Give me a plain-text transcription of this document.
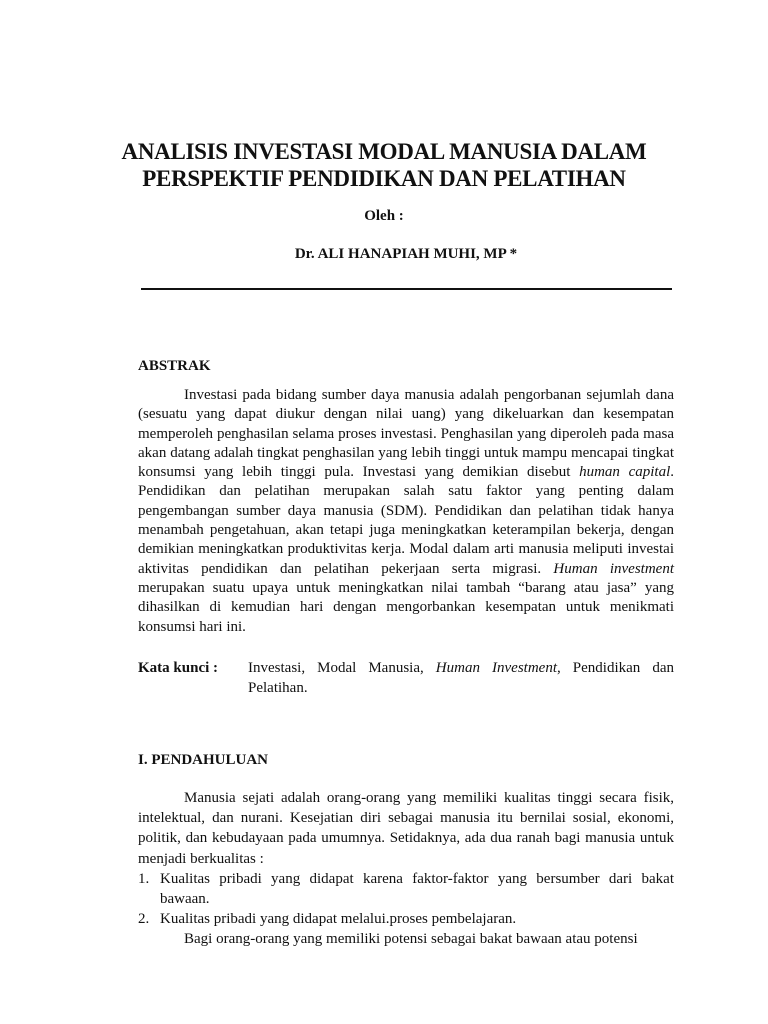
ANALISIS INVESTASI MODAL MANUSIA DALAM
PERSPEKTIF PENDIDIKAN DAN PELATIHAN
Oleh :
Dr. ALI HANAPIAH MUHI, MP *
ABSTRAK
Investasi pada bidang sumber daya manusia adalah pengorbanan sejumlah dana (sesuatu yang dapat diukur dengan nilai uang) yang dikeluarkan dan kesempatan memperoleh penghasilan selama proses investasi. Penghasilan yang diperoleh pada masa akan datang adalah tingkat penghasilan yang lebih tinggi untuk mampu mencapai tingkat konsumsi yang lebih tinggi pula. Investasi yang demikian disebut human capital. Pendidikan dan pelatihan merupakan salah satu faktor yang penting dalam pengembangan sumber daya manusia (SDM). Pendidikan dan pelatihan tidak hanya menambah pengetahuan, akan tetapi juga meningkatkan keterampilan bekerja, dengan demikian meningkatkan produktivitas kerja. Modal dalam arti manusia meliputi investai aktivitas pendidikan dan pelatihan pekerjaan serta migrasi. Human investment merupakan suatu upaya untuk meningkatkan nilai tambah “barang atau jasa” yang dihasilkan di kemudian hari dengan mengorbankan kesempatan untuk menikmati konsumsi hari ini.
Kata kunci :	Investasi, Modal Manusia, Human Investment, Pendidikan dan Pelatihan.
I. PENDAHULUAN

Manusia sejati adalah orang-orang yang memiliki kualitas tinggi secara fisik, intelektual, dan nurani. Kesejatian diri sebagai manusia itu bernilai sosial, ekonomi, politik, dan kebudayaan pada umumnya. Setidaknya, ada dua ranah bagi manusia untuk menjadi berkualitas :

1. Kualitas pribadi yang didapat karena faktor-faktor yang bersumber dari bakat bawaan.
2. Kualitas pribadi yang didapat melalui.proses pembelajaran.

Bagi orang-orang yang memiliki potensi sebagai bakat bawaan atau potensi
